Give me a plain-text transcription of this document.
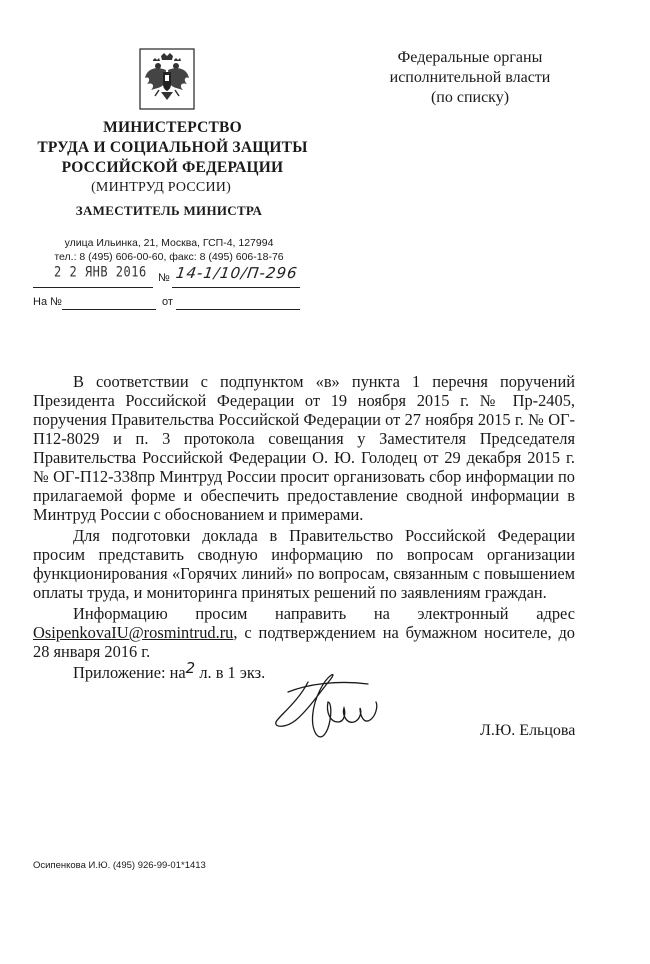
МИНИСТЕРСТВО
ТРУДА И СОЦИАЛЬНОЙ ЗАЩИТЫ
РОССИЙСКОЙ ФЕДЕРАЦИИ
(МИНТРУД РОССИИ)
ЗАМЕСТИТЕЛЬ МИНИСТРА
улица Ильинка, 21, Москва, ГСП-4, 127994
тел.: 8 (495) 606-00-60, факс: 8 (495) 606-18-76
2 2 ЯНВ 2016 № 14-1/10/П-296
На №	от
Федеральные органы
исполнительной власти
(по списку)

В соответствии с подпунктом «в» пункта 1 перечня поручений Президента Российской Федерации от 19 ноября 2015 г. № Пр-2405, поручения Правительства Российской Федерации от 27 ноября 2015 г. № ОГ-П12-8029 и п. 3 протокола совещания у Заместителя Председателя Правительства Российской Федерации О. Ю. Голодец от 29 декабря 2015 г. № ОГ-П12-338пр Минтруд России просит организовать сбор информации по прилагаемой форме и обеспечить предоставление сводной информации в Минтруд России с обоснованием и примерами.

Для подготовки доклада в Правительство Российской Федерации просим представить сводную информацию по вопросам организации функционирования «Горячих линий» по вопросам, связанным с повышением оплаты труда, и мониторинга принятых решений по заявлениям граждан.

Информацию просим направить на электронный адрес OsipenkovaIU@rosmintrud.ru, с подтверждением на бумажном носителе, до 28 января 2016 г.

Приложение: на2 л. в 1 экз.

Л.Ю. Ельцова
Осипенкова И.Ю. (495) 926-99-01*1413
